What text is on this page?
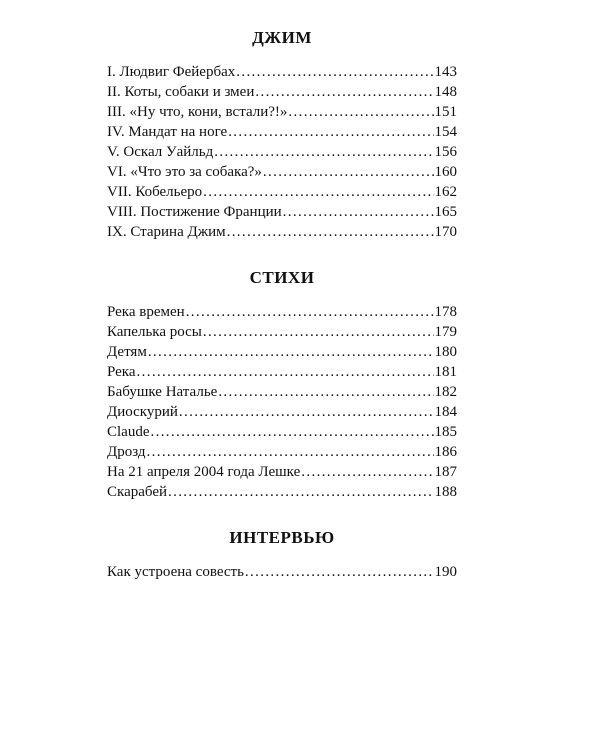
ДЖИМ
I. Людвиг Фейербах . . .	143
II. Коты, собаки и змеи . . .	148
III. «Ну что, кони, встали?!» . . .	151
IV. Мандат на ноге . . .	154
V. Оскал Уайльд . . .	156
VI. «Что это за собака?» . . .	160
VII. Кобельеро . . .	162
VIII. Постижение Франции . . .	165
IX. Старина Джим . . .	170
СТИХИ
Река времен . . .	178
Капелька росы . . .	179
Детям . . .	180
Река . . .	181
Бабушке Наталье . . .	182
Диоскурий . . .	184
Claude . . .	185
Дрозд . . .	186
На 21 апреля 2004 года Лешке . . .	187
Скарабей . . .	188
ИНТЕРВЬЮ
Как устроена совесть . . .	190
